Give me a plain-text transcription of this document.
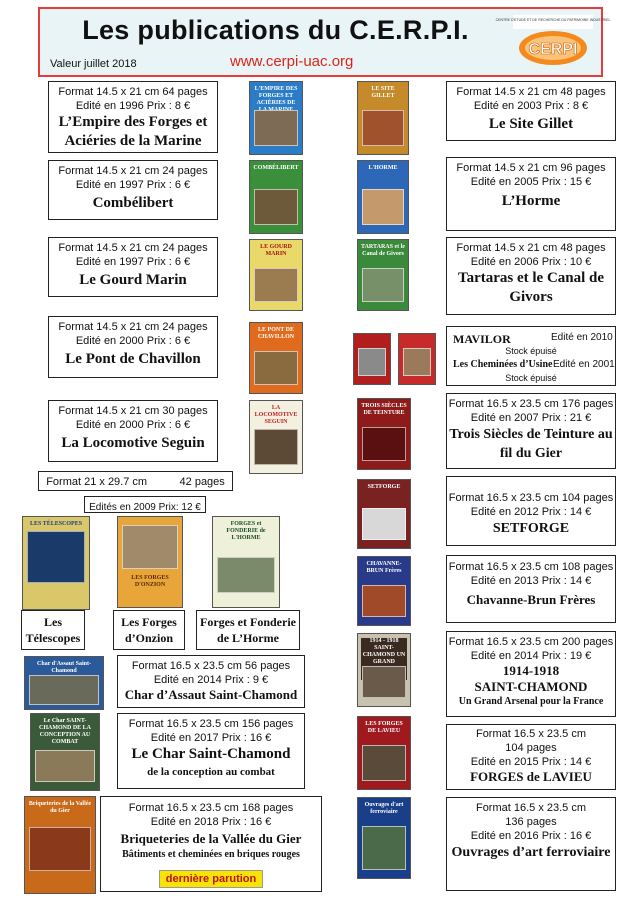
Les publications du C.E.R.P.I.
Valeur juillet 2018	www.cerpi-uac.org
CENTRE D'ETUDE ET DE RECHERCHE DU PATRIMOINE INDUSTRIEL
CERPI
Format 14.5 x 21 cm 64 pages
Edité en 1996 Prix : 8 €
L’Empire des Forges et Aciéries de la Marine
Format 14.5 x 21 cm 24 pages
Edité en 1997 Prix : 6 €
Combélibert
Format 14.5 x 21 cm 24 pages
Edité en 1997 Prix : 6 €
Le Gourd Marin
Format 14.5 x 21 cm 24 pages
Edité en 2000 Prix : 6 €
Le Pont de Chavillon
Format 14.5 x 21 cm 30 pages
Edité en 2000 Prix : 6 €
La Locomotive Seguin
Format 21 x 29.7 cm	42 pages
Edités en 2009 Prix: 12 €
Les Télescopes
Les Forges d’Onzion
Forges et Fonderie de L’Horme
Format 16.5 x 23.5 cm 56 pages
Edité en 2014 Prix : 9 €
Char d’Assaut Saint-Chamond
Format 16.5 x 23.5 cm 156 pages
Edité en 2017 Prix : 16 €
Le Char Saint-Chamond
de la conception au combat
Format 16.5 x 23.5 cm 168 pages
Edité en 2018 Prix : 16 €
Briqueteries de la Vallée du Gier
Bâtiments et cheminées en briques rouges
dernière parution
Format 14.5 x 21 cm 48 pages
Edité en 2003 Prix : 8 €
Le Site Gillet
Format 14.5 x 21 cm 96 pages
Edité en 2005 Prix : 15 €
L’Horme
Format 14.5 x 21 cm 48 pages
Edité en 2006 Prix : 10 €
Tartaras et le Canal de Givors
MAVILOR	Edité en 2010
Stock épuisé
Les Cheminées d’Usine Edité en 2001
Stock épuisé
Format 16.5 x 23.5 cm 176 pages
Edité en 2007 Prix : 21 €
Trois Siècles de Teinture au fil du Gier
Format 16.5 x 23.5 cm 104 pages
Edité en 2012 Prix : 14 €
SETFORGE
Format 16.5 x 23.5 cm 108 pages
Edité en 2013 Prix : 14 €
Chavanne-Brun Frères
Format 16.5 x 23.5 cm 200 pages
Edité en 2014 Prix : 19 €
1914-1918
SAINT-CHAMOND
Un Grand Arsenal pour la France
Format 16.5 x 23.5 cm
104 pages
Edité en 2015 Prix : 14 €
FORGES de LAVIEU
Format 16.5 x 23.5 cm
136 pages
Edité en 2016 Prix : 16 €
Ouvrages d’art ferroviaire
L'EMPIRE DES FORGES ET ACIÉRIES DE
COMBÉLIBERT
LE GOURD MARIN
LE PONT DE CHAVILLON
LA LOCOMOTIVE SEGUIN
LE SITE GILLET
L'HORME
TARTARAS et le Canal de Givors
TROIS SIÈCLES DE TEINTURE
SETFORGE
CHAVANNE-BRUN Frères
1914 - 1918 SAINT-CHAMOND UN GRAND
LES FORGES DE LAVIEU
Ouvrages d'art ferroviaire
LES TÉLESCOPES
LES FORGES D'ONZION
FORGES et FONDERIE de L'HORME
Char d'Assaut Saint-Chamond
Le Char SAINT-CHAMOND DE LA CONCEPTION AU COMBAT
Briqueteries de la Vallée du Gier
